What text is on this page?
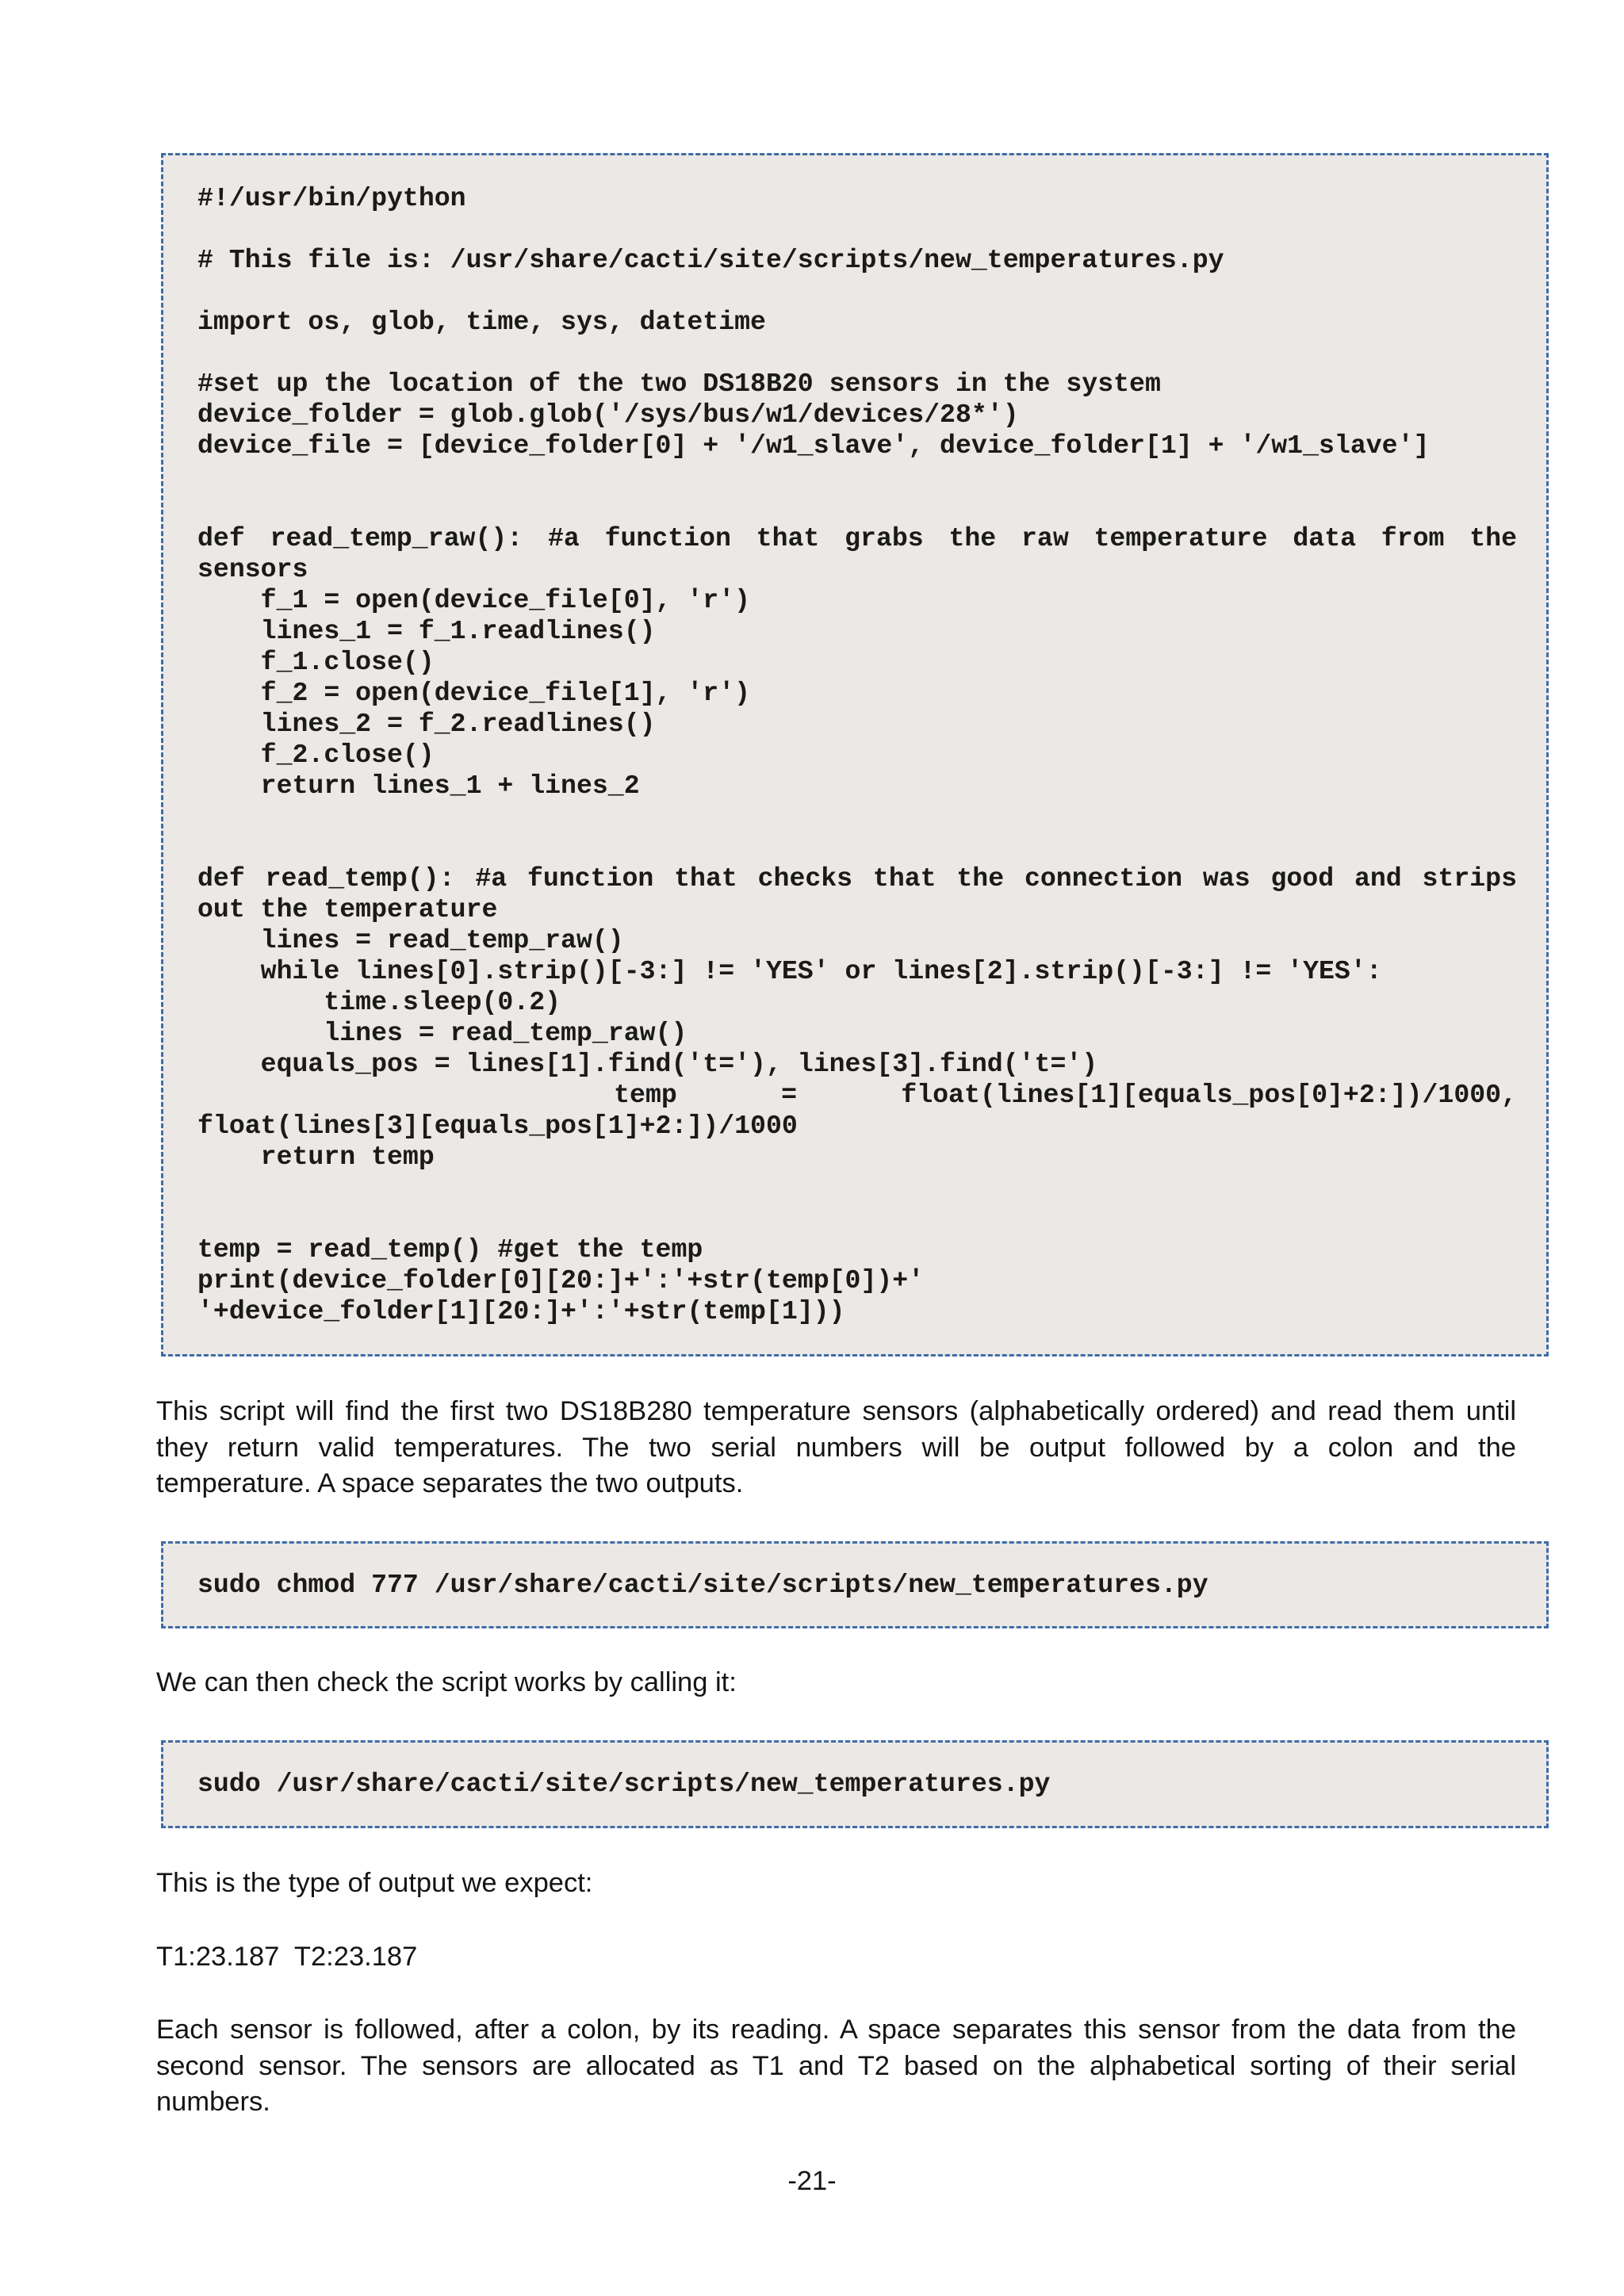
#!/usr/bin/python
# This file is: /usr/share/cacti/site/scripts/new_temperatures.py
import os, glob, time, sys, datetime
#set up the location of the two DS18B20 sensors in the system
device_folder = glob.glob('/sys/bus/w1/devices/28*')
device_file = [device_folder[0] + '/w1_slave', device_folder[1] + '/w1_slave']
def read_temp_raw(): #a function that grabs the raw temperature data from the
sensors
f_1 = open(device_file[0], 'r')
lines_1 = f_1.readlines()
f_1.close()
f_2 = open(device_file[1], 'r')
lines_2 = f_2.readlines()
f_2.close()
return lines_1 + lines_2
def read_temp(): #a function that checks that the connection was good and strips
out the temperature
lines = read_temp_raw()
while lines[0].strip()[-3:] != 'YES' or lines[2].strip()[-3:] != 'YES':
time.sleep(0.2)
lines = read_temp_raw()
equals_pos = lines[1].find('t='), lines[3].find('t=')
temp = float(lines[1][equals_pos[0]+2:])/1000,
float(lines[3][equals_pos[1]+2:])/1000
return temp
temp = read_temp() #get the temp
print(device_folder[0][20:]+':'+str(temp[0])+'
'+device_folder[1][20:]+':'+str(temp[1]))
This script will find the first two DS18B280 temperature sensors (alphabetically ordered) and read them until
they return valid temperatures. The two serial numbers will be output followed by a colon and the
temperature. A space separates the two outputs.
sudo chmod 777 /usr/share/cacti/site/scripts/new_temperatures.py

We can then check the script works by calling it:

sudo /usr/share/cacti/site/scripts/new_temperatures.py

This is the type of output we expect:

T1:23.187  T2:23.187

Each sensor is followed, after a colon, by its reading. A space separates this sensor from the data from the
second sensor. The sensors are allocated as T1 and T2 based on the alphabetical sorting of their serial
numbers.
-21-
